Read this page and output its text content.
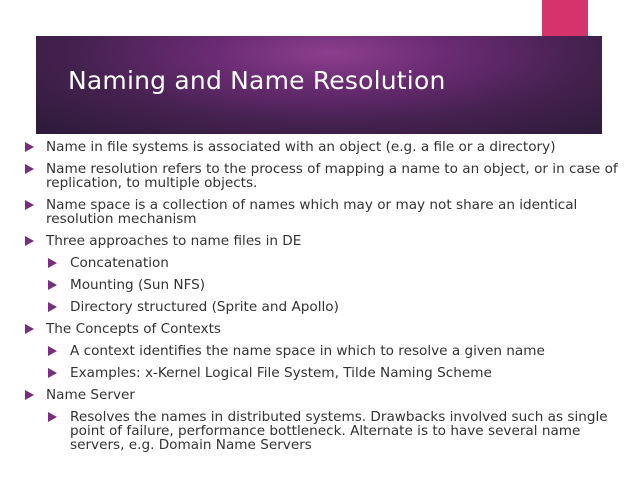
Naming and Name Resolution
Name in file systems is associated with an object (e.g. a file or a directory)
Name resolution refers to the process of mapping a name to an object, or in case of replication, to multiple objects.
Name space is a collection of names which may or may not share an identical resolution mechanism
Three approaches to name files in DE
Concatenation
Mounting (Sun NFS)
Directory structured (Sprite and Apollo)
The Concepts of Contexts
A context identifies the name space in which to resolve a given name
Examples: x-Kernel Logical File System, Tilde Naming Scheme
Name Server
Resolves the names in distributed systems. Drawbacks involved such as single point of failure, performance bottleneck. Alternate is to have several name servers, e.g. Domain Name Servers
